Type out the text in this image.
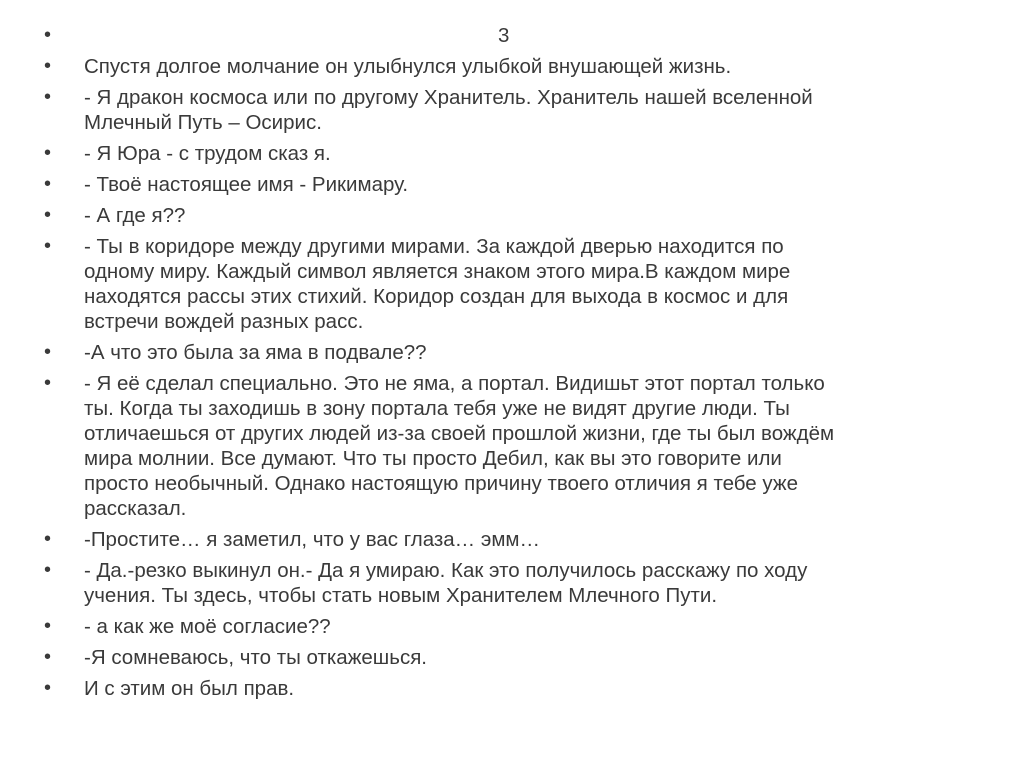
•	3
•	Спустя долгое молчание он улыбнулся улыбкой внушающей жизнь.
•	- Я дракон космоса или по другому Хранитель. Хранитель нашей вселенной
Млечный Путь – Осирис.
•	- Я Юра - с трудом сказ я.
•	- Твоё настоящее имя - Рикимару.
•	- А где я??
•	- Ты в коридоре между другими мирами. За каждой дверью находится по
одному миру. Каждый символ является знаком этого мира.В каждом мире
находятся рассы этих стихий. Коридор создан для выхода в космос и для
встречи вождей разных расс.
•	-А что это была за яма в подвале??
•	- Я её сделал специально. Это не яма, а портал. Видишьт этот портал только
ты. Когда ты заходишь в зону портала тебя уже не видят другие люди. Ты
отличаешься от других людей из-за своей прошлой жизни, где ты был вождём
мира молнии. Все думают. Что ты просто Дебил, как вы это говорите или
просто необычный. Однако настоящую причину твоего отличия я тебе уже
рассказал.
•	-Простите… я заметил, что у вас глаза… эмм…
•	- Да.-резко выкинул он.- Да я умираю. Как это получилось расскажу по ходу
учения. Ты здесь, чтобы стать новым Хранителем Млечного Пути.
•	- а как же моё согласие??
•	-Я сомневаюсь, что ты откажешься.
•	И с этим он был прав.
